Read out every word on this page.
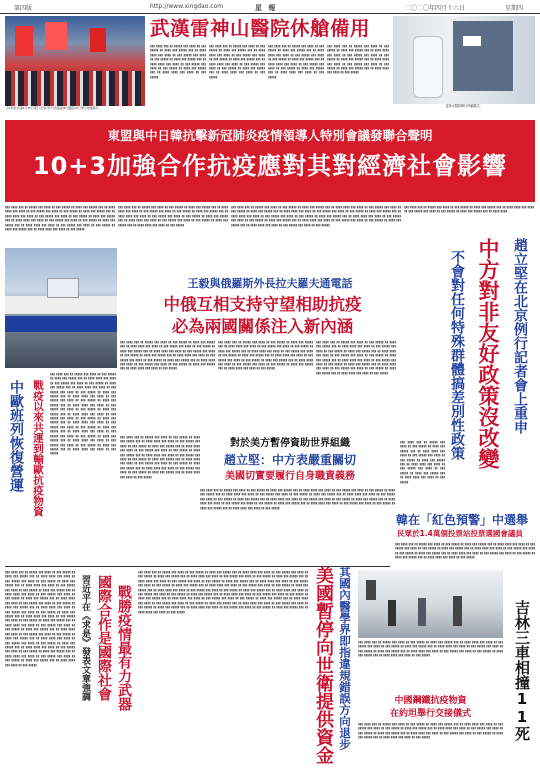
第四版	http://www.xingdao.com	星 報	二〇二〇年四月十六日	星期四
【中新社武漢4月15日電】(記者 馬芳)武漢雷神山醫院15日舉行休艙儀式...
武漢雷神山醫院休艙備用
▮▮▮ ▮▮▮▮ ▮▮▮ ▮▮ ▮▮▮▮▮ ▮▮▮ ▮▮▮▮ ▮▮ ▮▮▮ ▮▮▮▮▮ ▮▮ ▮▮▮▮ ▮▮▮ ▮▮▮▮▮ ▮▮▮ ▮▮ ▮▮▮▮ ▮▮▮▮ ▮▮▮ ▮▮▮▮ ▮▮ ▮▮▮ ▮▮▮▮▮ ▮▮▮ ▮▮▮▮ ▮▮ ▮▮▮ ▮▮▮▮▮ ▮▮ ▮▮▮▮ ▮▮▮ ▮▮▮▮▮ ▮▮▮ ▮▮ ▮▮▮▮ ▮▮▮▮ ▮▮▮ ▮▮▮▮ ▮▮ ▮▮▮ ▮▮▮▮▮ ▮▮▮ ▮▮▮▮ ▮▮ ▮▮▮ ▮▮▮▮▮ ▮▮ ▮▮▮▮ ▮▮▮ ▮▮▮▮▮ ▮▮▮ ▮▮ ▮▮▮▮ ▮▮▮▮ ▮▮▮ ▮▮▮▮ ▮▮ ▮▮▮ ▮▮▮▮▮
▮▮▮ ▮▮▮▮ ▮▮▮ ▮▮ ▮▮▮▮▮ ▮▮▮ ▮▮▮▮ ▮▮ ▮▮▮ ▮▮▮▮▮ ▮▮ ▮▮▮▮ ▮▮▮ ▮▮▮▮▮ ▮▮▮ ▮▮ ▮▮▮▮ ▮▮▮▮ ▮▮▮ ▮▮▮▮ ▮▮ ▮▮▮ ▮▮▮▮▮ ▮▮▮ ▮▮▮▮ ▮▮ ▮▮▮ ▮▮▮▮▮ ▮▮ ▮▮▮▮ ▮▮▮ ▮▮▮▮▮ ▮▮▮ ▮▮ ▮▮▮▮ ▮▮▮▮ ▮▮▮ ▮▮▮▮ ▮▮ ▮▮▮ ▮▮▮▮▮ ▮▮▮ ▮▮▮▮ ▮▮ ▮▮▮ ▮▮▮▮▮ ▮▮ ▮▮▮▮ ▮▮▮ ▮▮▮▮▮ ▮▮▮ ▮▮ ▮▮▮▮ ▮▮▮▮ ▮▮▮ ▮▮▮▮ ▮▮ ▮▮▮ ▮▮▮▮▮
▮▮▮ ▮▮▮▮ ▮▮▮ ▮▮ ▮▮▮▮▮ ▮▮▮ ▮▮▮▮ ▮▮ ▮▮▮ ▮▮▮▮▮ ▮▮ ▮▮▮▮ ▮▮▮ ▮▮▮▮▮ ▮▮▮ ▮▮ ▮▮▮▮ ▮▮▮▮ ▮▮▮ ▮▮▮▮ ▮▮ ▮▮▮ ▮▮▮▮▮ ▮▮▮ ▮▮▮▮ ▮▮ ▮▮▮ ▮▮▮▮▮ ▮▮ ▮▮▮▮ ▮▮▮ ▮▮▮▮▮ ▮▮▮ ▮▮ ▮▮▮▮ ▮▮▮▮ ▮▮▮ ▮▮▮▮ ▮▮ ▮▮▮ ▮▮▮▮▮ ▮▮▮ ▮▮▮▮ ▮▮ ▮▮▮ ▮▮▮▮▮ ▮▮ ▮▮▮▮ ▮▮▮ ▮▮▮▮▮ ▮▮▮ ▮▮ ▮▮▮▮ ▮▮▮▮ ▮▮▮ ▮▮▮▮ ▮▮ ▮▮▮ ▮▮▮▮▮
▮▮▮ ▮▮▮▮ ▮▮▮ ▮▮ ▮▮▮▮▮ ▮▮▮ ▮▮▮▮ ▮▮ ▮▮▮ ▮▮▮▮▮ ▮▮ ▮▮▮▮ ▮▮▮ ▮▮▮▮▮ ▮▮▮ ▮▮ ▮▮▮▮ ▮▮▮▮ ▮▮▮ ▮▮▮▮ ▮▮ ▮▮▮ ▮▮▮▮▮ ▮▮▮ ▮▮▮▮ ▮▮ ▮▮▮ ▮▮▮▮▮ ▮▮ ▮▮▮▮ ▮▮▮ ▮▮▮▮▮ ▮▮▮ ▮▮ ▮▮▮▮ ▮▮▮▮ ▮▮▮ ▮▮▮▮ ▮▮ ▮▮▮ ▮▮▮▮▮ ▮▮▮ ▮▮▮▮ ▮▮ ▮▮▮ ▮▮▮▮▮ ▮▮ ▮▮▮▮ ▮▮▮ ▮▮▮▮▮ ▮▮▮ ▮▮ ▮▮▮▮ ▮▮▮▮ ▮▮▮ ▮▮▮▮ ▮▮ ▮▮▮ ▮▮▮▮▮
雷神山醫院舉行休艙儀式。
東盟與中日韓抗擊新冠肺炎疫情領導人特別會議發聯合聲明
10+3加強合作抗疫應對其對經濟社會影響
▮▮▮ ▮▮▮▮ ▮▮▮ ▮▮ ▮▮▮▮▮ ▮▮▮ ▮▮▮▮ ▮▮ ▮▮▮ ▮▮▮▮▮ ▮▮ ▮▮▮▮ ▮▮▮ ▮▮▮▮▮ ▮▮▮ ▮▮ ▮▮▮▮ ▮▮▮▮ ▮▮▮ ▮▮▮▮ ▮▮ ▮▮▮ ▮▮▮▮▮ ▮▮▮ ▮▮▮▮ ▮▮ ▮▮▮ ▮▮▮▮▮ ▮▮ ▮▮▮▮ ▮▮▮ ▮▮▮▮▮ ▮▮▮ ▮▮ ▮▮▮▮ ▮▮▮▮ ▮▮▮ ▮▮▮▮ ▮▮ ▮▮▮ ▮▮▮▮▮ ▮▮▮ ▮▮▮▮ ▮▮ ▮▮▮ ▮▮▮▮▮ ▮▮ ▮▮▮▮ ▮▮▮ ▮▮▮▮▮ ▮▮▮ ▮▮ ▮▮▮▮ ▮▮▮▮ ▮▮▮ ▮▮▮▮ ▮▮ ▮▮▮ ▮▮▮▮▮ ▮▮▮ ▮▮▮▮ ▮▮ ▮▮▮ ▮▮▮▮▮ ▮▮ ▮▮▮▮ ▮▮▮ ▮▮▮▮▮ ▮▮▮ ▮▮ ▮▮▮▮ ▮▮▮▮ ▮▮▮ ▮▮▮▮ ▮▮ ▮▮▮ ▮▮▮▮▮ ▮▮▮ ▮▮▮▮ ▮▮ ▮▮▮ ▮▮▮▮▮ ▮▮ ▮▮▮▮ ▮▮▮ ▮▮▮▮▮ ▮▮▮ ▮▮ ▮▮▮▮ ▮▮▮▮ ▮▮▮ ▮▮▮▮ ▮▮ ▮▮▮ ▮▮▮▮▮
▮▮▮ ▮▮▮▮ ▮▮▮ ▮▮ ▮▮▮▮▮ ▮▮▮ ▮▮▮▮ ▮▮ ▮▮▮ ▮▮▮▮▮ ▮▮ ▮▮▮▮ ▮▮▮ ▮▮▮▮▮ ▮▮▮ ▮▮ ▮▮▮▮ ▮▮▮▮ ▮▮▮ ▮▮▮▮ ▮▮ ▮▮▮ ▮▮▮▮▮ ▮▮▮ ▮▮▮▮ ▮▮ ▮▮▮ ▮▮▮▮▮ ▮▮ ▮▮▮▮ ▮▮▮ ▮▮▮▮▮ ▮▮▮ ▮▮ ▮▮▮▮ ▮▮▮▮ ▮▮▮ ▮▮▮▮ ▮▮ ▮▮▮ ▮▮▮▮▮ ▮▮▮ ▮▮▮▮ ▮▮ ▮▮▮ ▮▮▮▮▮ ▮▮ ▮▮▮▮ ▮▮▮ ▮▮▮▮▮ ▮▮▮ ▮▮ ▮▮▮▮ ▮▮▮▮ ▮▮▮ ▮▮▮▮ ▮▮ ▮▮▮ ▮▮▮▮▮ ▮▮▮ ▮▮▮▮ ▮▮ ▮▮▮ ▮▮▮▮▮ ▮▮ ▮▮▮▮ ▮▮▮ ▮▮▮▮▮ ▮▮▮ ▮▮ ▮▮▮▮ ▮▮▮▮ ▮▮▮ ▮▮▮▮ ▮▮ ▮▮▮ ▮▮▮▮▮
▮▮▮ ▮▮▮▮ ▮▮▮ ▮▮ ▮▮▮▮▮ ▮▮▮ ▮▮▮▮ ▮▮ ▮▮▮ ▮▮▮▮▮ ▮▮ ▮▮▮▮ ▮▮▮ ▮▮▮▮▮ ▮▮▮ ▮▮ ▮▮▮▮ ▮▮▮▮ ▮▮▮ ▮▮▮▮ ▮▮ ▮▮▮ ▮▮▮▮▮ ▮▮▮ ▮▮▮▮ ▮▮ ▮▮▮ ▮▮▮▮▮ ▮▮ ▮▮▮▮ ▮▮▮ ▮▮▮▮▮ ▮▮▮ ▮▮ ▮▮▮▮ ▮▮▮▮ ▮▮▮ ▮▮▮▮ ▮▮ ▮▮▮ ▮▮▮▮▮ ▮▮▮ ▮▮▮▮ ▮▮ ▮▮▮ ▮▮▮▮▮ ▮▮ ▮▮▮▮ ▮▮▮ ▮▮▮▮▮ ▮▮▮ ▮▮ ▮▮▮▮ ▮▮▮▮ ▮▮▮ ▮▮▮▮ ▮▮ ▮▮▮ ▮▮▮▮▮ ▮▮▮ ▮▮▮▮ ▮▮ ▮▮▮ ▮▮▮▮▮ ▮▮ ▮▮▮▮ ▮▮▮ ▮▮▮▮▮ ▮▮▮ ▮▮ ▮▮▮▮ ▮▮▮▮ ▮▮▮ ▮▮▮▮ ▮▮ ▮▮▮ ▮▮▮▮▮ ▮▮▮ ▮▮▮▮ ▮▮ ▮▮▮ ▮▮▮▮▮ ▮▮ ▮▮▮▮ ▮▮▮ ▮▮▮▮▮ ▮▮▮ ▮▮ ▮▮▮▮ ▮▮▮▮ ▮▮▮ ▮▮▮▮ ▮▮ ▮▮▮ ▮▮▮▮▮ ▮▮▮ ▮▮▮▮ ▮▮ ▮▮▮ ▮▮▮▮▮ ▮▮ ▮▮▮▮ ▮▮▮ ▮▮▮▮▮ ▮▮▮ ▮▮ ▮▮▮▮ ▮▮▮▮ ▮▮▮ ▮▮▮▮ ▮▮ ▮▮▮ ▮▮▮▮▮ ▮▮▮ ▮▮▮▮ ▮▮ ▮▮▮ ▮▮▮▮▮
▮▮▮ ▮▮▮▮ ▮▮▮ ▮▮ ▮▮▮▮▮ ▮▮▮ ▮▮▮▮ ▮▮ ▮▮▮ ▮▮▮▮▮ ▮▮ ▮▮▮▮ ▮▮▮ ▮▮▮▮▮ ▮▮▮ ▮▮ ▮▮▮▮ ▮▮▮▮ ▮▮▮ ▮▮▮▮ ▮▮ ▮▮▮ ▮▮▮▮▮ ▮▮▮ ▮▮▮▮ ▮▮ ▮▮▮ ▮▮▮▮▮ ▮▮ ▮▮▮▮ ▮▮▮ ▮▮▮▮▮ ▮▮▮ ▮▮ ▮▮▮▮ ▮▮▮▮
王毅與俄羅斯外長拉夫羅夫通電話
中俄互相支持守望相助抗疫
必為兩國關係注入新內涵	趙立堅在北京例行記者會上重申
中方對非友好政策沒改變
不會對任何特殊群體搞差別性政策
韓在「紅色預警」中選舉
民眾於1.4萬個投票站投票選國會議員
▮▮▮ ▮▮▮▮ ▮▮▮ ▮▮ ▮▮▮▮▮ ▮▮▮ ▮▮▮▮ ▮▮ ▮▮▮ ▮▮▮▮▮ ▮▮ ▮▮▮▮ ▮▮▮ ▮▮▮▮▮ ▮▮▮ ▮▮ ▮▮▮▮ ▮▮▮▮ ▮▮▮ ▮▮▮▮ ▮▮ ▮▮▮ ▮▮▮▮▮ ▮▮▮ ▮▮▮▮ ▮▮ ▮▮▮ ▮▮▮▮▮ ▮▮ ▮▮▮▮ ▮▮▮ ▮▮▮▮▮ ▮▮▮ ▮▮ ▮▮▮▮ ▮▮▮▮ ▮▮▮ ▮▮▮▮ ▮▮ ▮▮▮ ▮▮▮▮▮ ▮▮▮ ▮▮▮▮ ▮▮ ▮▮▮ ▮▮▮▮▮ ▮▮ ▮▮▮▮ ▮▮▮ ▮▮▮▮▮ ▮▮▮ ▮▮ ▮▮▮▮ ▮▮▮▮ ▮▮▮ ▮▮▮▮ ▮▮ ▮▮▮ ▮▮▮▮▮ ▮▮▮ ▮▮▮▮ ▮▮ ▮▮▮ ▮▮▮▮▮ ▮▮ ▮▮▮▮ ▮▮▮ ▮▮▮▮▮ ▮▮▮ ▮▮ ▮▮▮▮ ▮▮▮▮ ▮▮▮ ▮▮▮▮ ▮▮ ▮▮▮ ▮▮▮▮▮ ▮▮▮ ▮▮▮▮ ▮▮ ▮▮▮ ▮▮▮▮▮ ▮▮ ▮▮▮▮ ▮▮▮ ▮▮▮▮▮ ▮▮▮ ▮▮ ▮▮▮▮ ▮▮▮▮ ▮▮▮ ▮▮▮▮ ▮▮ ▮▮▮ ▮▮▮▮▮
▮▮▮ ▮▮▮▮ ▮▮▮ ▮▮ ▮▮▮▮▮ ▮▮▮ ▮▮▮▮ ▮▮ ▮▮▮ ▮▮▮▮▮ ▮▮ ▮▮▮▮ ▮▮▮ ▮▮▮▮▮ ▮▮▮ ▮▮ ▮▮▮▮ ▮▮▮▮ ▮▮▮ ▮▮▮▮ ▮▮ ▮▮▮ ▮▮▮▮▮ ▮▮▮ ▮▮▮▮ ▮▮ ▮▮▮ ▮▮▮▮▮ ▮▮ ▮▮▮▮ ▮▮▮ ▮▮▮▮▮ ▮▮▮ ▮▮ ▮▮▮▮ ▮▮▮▮ ▮▮▮ ▮▮▮▮ ▮▮ ▮▮▮ ▮▮▮▮▮ ▮▮▮ ▮▮▮▮ ▮▮ ▮▮▮ ▮▮▮▮▮ ▮▮ ▮▮▮▮ ▮▮▮ ▮▮▮▮▮ ▮▮▮ ▮▮ ▮▮▮▮ ▮▮▮▮ ▮▮▮ ▮▮▮▮ ▮▮ ▮▮▮ ▮▮▮▮▮ ▮▮▮ ▮▮▮▮ ▮▮ ▮▮▮ ▮▮▮▮▮ ▮▮ ▮▮▮▮ ▮▮▮ ▮▮▮▮▮ ▮▮▮ ▮▮ ▮▮▮▮ ▮▮▮▮ ▮▮▮ ▮▮▮▮ ▮▮ ▮▮▮ ▮▮▮▮▮ ▮▮▮ ▮▮▮▮ ▮▮ ▮▮▮ ▮▮▮▮▮ ▮▮ ▮▮▮▮ ▮▮▮ ▮▮▮▮▮ ▮▮▮ ▮▮ ▮▮▮▮ ▮▮▮▮ ▮▮▮ ▮▮▮▮ ▮▮ ▮▮▮ ▮▮▮▮▮
▮▮▮ ▮▮▮▮ ▮▮▮ ▮▮ ▮▮▮▮▮ ▮▮▮ ▮▮▮▮ ▮▮ ▮▮▮ ▮▮▮▮▮ ▮▮ ▮▮▮▮ ▮▮▮ ▮▮▮▮▮ ▮▮▮ ▮▮ ▮▮▮▮ ▮▮▮▮ ▮▮▮ ▮▮▮▮ ▮▮ ▮▮▮ ▮▮▮▮▮ ▮▮▮ ▮▮▮▮ ▮▮ ▮▮▮ ▮▮▮▮▮ ▮▮ ▮▮▮▮ ▮▮▮ ▮▮▮▮▮ ▮▮▮ ▮▮ ▮▮▮▮ ▮▮▮▮ ▮▮▮ ▮▮▮▮ ▮▮ ▮▮▮ ▮▮▮▮▮ ▮▮▮ ▮▮▮▮ ▮▮ ▮▮▮ ▮▮▮▮▮ ▮▮ ▮▮▮▮ ▮▮▮ ▮▮▮▮▮ ▮▮▮ ▮▮ ▮▮▮▮ ▮▮▮▮ ▮▮▮ ▮▮▮▮ ▮▮ ▮▮▮ ▮▮▮▮▮ ▮▮▮ ▮▮▮▮ ▮▮ ▮▮▮ ▮▮▮▮▮ ▮▮ ▮▮▮▮ ▮▮▮ ▮▮▮▮▮ ▮▮▮ ▮▮ ▮▮▮▮ ▮▮▮▮ ▮▮▮ ▮▮▮▮ ▮▮ ▮▮▮ ▮▮▮▮▮ ▮▮▮ ▮▮▮▮ ▮▮ ▮▮▮ ▮▮▮▮▮ ▮▮ ▮▮▮▮ ▮▮▮ ▮▮▮▮▮ ▮▮▮ ▮▮ ▮▮▮▮ ▮▮▮▮ ▮▮▮ ▮▮▮▮ ▮▮ ▮▮▮ ▮▮▮▮▮
中歐班列恢復營運 戰疫以來共運到輸歐抗疫物資
▮▮▮ ▮▮▮▮ ▮▮▮ ▮▮ ▮▮▮▮▮ ▮▮▮ ▮▮▮▮ ▮▮ ▮▮▮ ▮▮▮▮▮ ▮▮ ▮▮▮▮ ▮▮▮ ▮▮▮▮▮ ▮▮▮ ▮▮ ▮▮▮▮ ▮▮▮▮ ▮▮▮ ▮▮▮▮ ▮▮ ▮▮▮ ▮▮▮▮▮ ▮▮▮ ▮▮▮▮ ▮▮ ▮▮▮ ▮▮▮▮▮ ▮▮ ▮▮▮▮ ▮▮▮ ▮▮▮▮▮ ▮▮▮ ▮▮ ▮▮▮▮ ▮▮▮▮ ▮▮▮ ▮▮▮▮ ▮▮ ▮▮▮ ▮▮▮▮▮ ▮▮▮ ▮▮▮▮ ▮▮ ▮▮▮ ▮▮▮▮▮ ▮▮ ▮▮▮▮ ▮▮▮ ▮▮▮▮▮ ▮▮▮ ▮▮ ▮▮▮▮ ▮▮▮▮ ▮▮▮ ▮▮▮▮ ▮▮ ▮▮▮ ▮▮▮▮▮ ▮▮▮ ▮▮▮▮ ▮▮ ▮▮▮ ▮▮▮▮▮ ▮▮ ▮▮▮▮ ▮▮▮ ▮▮▮▮▮ ▮▮▮ ▮▮ ▮▮▮▮ ▮▮▮▮ ▮▮▮ ▮▮▮▮ ▮▮ ▮▮▮ ▮▮▮▮▮ ▮▮▮ ▮▮▮▮ ▮▮ ▮▮▮ ▮▮▮▮▮ ▮▮ ▮▮▮▮ ▮▮▮ ▮▮▮▮▮ ▮▮▮ ▮▮ ▮▮▮▮ ▮▮▮▮ ▮▮▮ ▮▮▮▮ ▮▮ ▮▮▮ ▮▮▮▮▮ ▮▮▮ ▮▮▮▮ ▮▮ ▮▮▮ ▮▮▮▮▮ ▮▮ ▮▮▮▮ ▮▮▮ ▮▮▮▮▮ ▮▮▮ ▮▮ ▮▮▮▮ ▮▮▮▮ ▮▮▮ ▮▮▮▮ ▮▮ ▮▮▮ ▮▮▮▮▮ ▮▮▮ ▮▮▮▮ ▮▮ ▮▮▮ ▮▮▮▮▮ ▮▮ ▮▮▮▮ ▮▮▮ ▮▮▮▮▮ ▮▮▮ ▮▮ ▮▮▮▮ ▮▮▮▮ ▮▮▮ ▮▮▮▮ ▮▮ ▮▮▮ ▮▮▮▮▮ ▮▮▮ ▮▮▮▮ ▮▮ ▮▮▮ ▮▮▮▮▮ ▮▮ ▮▮▮▮ ▮▮▮ ▮▮▮▮▮ ▮▮▮ ▮▮ ▮▮▮▮ ▮▮▮▮ ▮▮▮ ▮▮▮▮ ▮▮ ▮▮▮ ▮▮▮▮▮ ▮▮▮ ▮▮▮▮ ▮▮ ▮▮▮ ▮▮▮▮▮ ▮▮ ▮▮▮▮ ▮▮▮ ▮▮▮▮▮ ▮▮▮ ▮▮ ▮▮▮▮ ▮▮▮▮ ▮▮▮ ▮▮▮▮ ▮▮ ▮▮▮ ▮▮▮▮▮
對於美方暫停資助世界組織
趙立堅：中方表嚴重關切
美國切實要履行自身職責義務
▮▮▮ ▮▮▮▮ ▮▮▮ ▮▮ ▮▮▮▮▮ ▮▮▮ ▮▮▮▮ ▮▮ ▮▮▮ ▮▮▮▮▮ ▮▮ ▮▮▮▮ ▮▮▮ ▮▮▮▮▮ ▮▮▮ ▮▮ ▮▮▮▮ ▮▮▮▮ ▮▮▮ ▮▮▮▮ ▮▮ ▮▮▮ ▮▮▮▮▮ ▮▮▮ ▮▮▮▮ ▮▮ ▮▮▮ ▮▮▮▮▮ ▮▮ ▮▮▮▮ ▮▮▮ ▮▮▮▮▮ ▮▮▮ ▮▮ ▮▮▮▮ ▮▮▮▮ ▮▮▮ ▮▮▮▮ ▮▮ ▮▮▮ ▮▮▮▮▮ ▮▮▮ ▮▮▮▮ ▮▮ ▮▮▮ ▮▮▮▮▮ ▮▮ ▮▮▮▮ ▮▮▮ ▮▮▮▮▮ ▮▮▮ ▮▮ ▮▮▮▮ ▮▮▮▮ ▮▮▮ ▮▮▮▮ ▮▮ ▮▮▮ ▮▮▮▮▮ ▮▮▮ ▮▮▮▮ ▮▮ ▮▮▮ ▮▮▮▮▮ ▮▮ ▮▮▮▮ ▮▮▮ ▮▮▮▮▮ ▮▮▮ ▮▮ ▮▮▮▮ ▮▮▮▮ ▮▮▮ ▮▮▮▮ ▮▮ ▮▮▮ ▮▮▮▮▮ ▮▮▮ ▮▮▮▮ ▮▮ ▮▮▮ ▮▮▮▮▮ ▮▮ ▮▮▮▮ ▮▮▮ ▮▮▮▮▮ ▮▮▮ ▮▮ ▮▮▮▮ ▮▮▮▮ ▮▮▮ ▮▮▮▮ ▮▮ ▮▮▮ ▮▮▮▮▮ ▮▮▮ ▮▮▮▮ ▮▮ ▮▮▮ ▮▮▮▮▮ ▮▮ ▮▮▮▮ ▮▮▮ ▮▮▮▮▮ ▮▮▮ ▮▮ ▮▮▮▮ ▮▮▮▮ ▮▮▮ ▮▮▮▮ ▮▮ ▮▮▮ ▮▮▮▮▮
▮▮▮ ▮▮▮▮ ▮▮▮ ▮▮ ▮▮▮▮▮ ▮▮▮ ▮▮▮▮ ▮▮ ▮▮▮ ▮▮▮▮▮ ▮▮ ▮▮▮▮ ▮▮▮ ▮▮▮▮▮ ▮▮▮ ▮▮ ▮▮▮▮ ▮▮▮▮ ▮▮▮ ▮▮▮▮ ▮▮ ▮▮▮ ▮▮▮▮▮ ▮▮▮ ▮▮▮▮ ▮▮ ▮▮▮ ▮▮▮▮▮ ▮▮ ▮▮▮▮ ▮▮▮ ▮▮▮▮▮ ▮▮▮ ▮▮ ▮▮▮▮ ▮▮▮▮ ▮▮▮ ▮▮▮▮ ▮▮ ▮▮▮ ▮▮▮▮▮ ▮▮▮ ▮▮▮▮ ▮▮ ▮▮▮ ▮▮▮▮▮ ▮▮ ▮▮▮▮ ▮▮▮ ▮▮▮▮▮ ▮▮▮ ▮▮ ▮▮▮▮ ▮▮▮▮ ▮▮▮ ▮▮▮▮ ▮▮ ▮▮▮ ▮▮▮▮▮ ▮▮▮ ▮▮▮▮ ▮▮ ▮▮▮ ▮▮▮▮▮ ▮▮ ▮▮▮▮ ▮▮▮ ▮▮▮▮▮ ▮▮▮ ▮▮ ▮▮▮▮ ▮▮▮▮ ▮▮▮ ▮▮▮▮ ▮▮ ▮▮▮ ▮▮▮▮▮ ▮▮▮ ▮▮▮▮ ▮▮ ▮▮▮ ▮▮▮▮▮ ▮▮ ▮▮▮▮ ▮▮▮ ▮▮▮▮▮ ▮▮▮ ▮▮ ▮▮▮▮ ▮▮▮▮ ▮▮▮ ▮▮▮▮ ▮▮ ▮▮▮ ▮▮▮▮▮ ▮▮▮ ▮▮▮▮ ▮▮ ▮▮▮ ▮▮▮▮▮ ▮▮ ▮▮▮▮ ▮▮▮ ▮▮▮▮▮ ▮▮▮ ▮▮ ▮▮▮▮ ▮▮▮▮ ▮▮▮ ▮▮▮▮ ▮▮ ▮▮▮ ▮▮▮▮▮ ▮▮▮ ▮▮▮▮ ▮▮ ▮▮▮ ▮▮▮▮▮ ▮▮ ▮▮▮▮ ▮▮▮ ▮▮▮▮▮ ▮▮▮ ▮▮ ▮▮▮▮ ▮▮▮▮ ▮▮▮ ▮▮▮▮ ▮▮ ▮▮▮ ▮▮▮▮▮
▮▮▮ ▮▮▮▮ ▮▮▮ ▮▮ ▮▮▮▮▮ ▮▮▮ ▮▮▮▮ ▮▮ ▮▮▮ ▮▮▮▮▮ ▮▮ ▮▮▮▮ ▮▮▮ ▮▮▮▮▮ ▮▮▮ ▮▮ ▮▮▮▮ ▮▮▮▮ ▮▮▮ ▮▮▮▮ ▮▮ ▮▮▮ ▮▮▮▮▮ ▮▮▮ ▮▮▮▮ ▮▮ ▮▮▮ ▮▮▮▮▮ ▮▮ ▮▮▮▮ ▮▮▮ ▮▮▮▮▮ ▮▮▮ ▮▮ ▮▮▮▮ ▮▮▮▮ ▮▮▮ ▮▮▮▮ ▮▮ ▮▮▮ ▮▮▮▮▮ ▮▮▮ ▮▮▮▮ ▮▮ ▮▮▮ ▮▮▮▮▮ ▮▮ ▮▮▮▮ ▮▮▮ ▮▮▮▮▮ ▮▮▮ ▮▮ ▮▮▮▮ ▮▮▮▮ ▮▮▮ ▮▮▮▮ ▮▮ ▮▮▮ ▮▮▮▮▮
▮▮▮ ▮▮▮▮ ▮▮▮ ▮▮ ▮▮▮▮▮ ▮▮▮ ▮▮▮▮ ▮▮ ▮▮▮ ▮▮▮▮▮ ▮▮ ▮▮▮▮ ▮▮▮ ▮▮▮▮▮ ▮▮▮ ▮▮ ▮▮▮▮ ▮▮▮▮ ▮▮▮ ▮▮▮▮ ▮▮ ▮▮▮ ▮▮▮▮▮ ▮▮▮ ▮▮▮▮ ▮▮ ▮▮▮ ▮▮▮▮▮ ▮▮ ▮▮▮▮ ▮▮▮ ▮▮▮▮▮ ▮▮▮ ▮▮ ▮▮▮▮ ▮▮▮▮ ▮▮▮ ▮▮▮▮ ▮▮ ▮▮▮ ▮▮▮▮▮ ▮▮▮ ▮▮▮▮ ▮▮ ▮▮▮ ▮▮▮▮▮ ▮▮ ▮▮▮▮ ▮▮▮ ▮▮▮▮▮ ▮▮▮ ▮▮ ▮▮▮▮ ▮▮▮▮ ▮▮▮ ▮▮▮▮ ▮▮ ▮▮▮ ▮▮▮▮▮ ▮▮▮ ▮▮▮▮ ▮▮ ▮▮▮ ▮▮▮▮▮ ▮▮ ▮▮▮▮ ▮▮▮ ▮▮▮▮▮ ▮▮▮ ▮▮ ▮▮▮▮ ▮▮▮▮ ▮▮▮ ▮▮▮▮ ▮▮ ▮▮▮ ▮▮▮▮▮
▮▮▮ ▮▮▮▮ ▮▮▮ ▮▮ ▮▮▮▮▮ ▮▮▮ ▮▮▮▮ ▮▮ ▮▮▮ ▮▮▮▮▮ ▮▮ ▮▮▮▮ ▮▮▮ ▮▮▮▮▮ ▮▮▮ ▮▮ ▮▮▮▮ ▮▮▮▮ ▮▮▮ ▮▮▮▮ ▮▮ ▮▮▮ ▮▮▮▮▮ ▮▮▮ ▮▮▮▮ ▮▮ ▮▮▮ ▮▮▮▮▮ ▮▮ ▮▮▮▮ ▮▮▮ ▮▮▮▮▮ ▮▮▮ ▮▮ ▮▮▮▮ ▮▮▮▮ ▮▮▮ ▮▮▮▮ ▮▮ ▮▮▮ ▮▮▮▮▮ ▮▮▮ ▮▮▮▮ ▮▮ ▮▮▮ ▮▮▮▮▮ ▮▮ ▮▮▮▮ ▮▮▮ ▮▮▮▮▮ ▮▮▮ ▮▮ ▮▮▮▮ ▮▮▮▮ ▮▮▮ ▮▮▮▮ ▮▮ ▮▮▮ ▮▮▮▮▮ ▮▮▮ ▮▮▮▮ ▮▮ ▮▮▮ ▮▮▮▮▮ ▮▮ ▮▮▮▮ ▮▮▮ ▮▮▮▮▮ ▮▮▮ ▮▮ ▮▮▮▮ ▮▮▮▮ ▮▮▮ ▮▮▮▮ ▮▮ ▮▮▮ ▮▮▮▮▮ ▮▮▮ ▮▮▮▮ ▮▮ ▮▮▮ ▮▮▮▮▮ ▮▮ ▮▮▮▮ ▮▮▮ ▮▮▮▮▮ ▮▮▮ ▮▮ ▮▮▮▮ ▮▮▮▮ ▮▮▮ ▮▮▮▮ ▮▮ ▮▮▮ ▮▮▮▮▮ ▮▮▮ ▮▮▮▮ ▮▮ ▮▮▮ ▮▮▮▮▮ ▮▮ ▮▮▮▮ ▮▮▮ ▮▮▮▮▮ ▮▮▮ ▮▮ ▮▮▮▮ ▮▮▮▮ ▮▮▮ ▮▮▮▮ ▮▮ ▮▮▮ ▮▮▮▮▮ ▮▮▮ ▮▮▮▮ ▮▮ ▮▮▮ ▮▮▮▮▮ ▮▮ ▮▮▮▮ ▮▮▮ ▮▮▮▮▮ ▮▮▮ ▮▮ ▮▮▮▮ ▮▮▮▮ ▮▮▮ ▮▮▮▮ ▮▮ ▮▮▮ ▮▮▮▮▮ ▮▮▮ ▮▮▮▮ ▮▮ ▮▮▮ ▮▮▮▮▮ ▮▮ ▮▮▮▮ ▮▮▮ ▮▮▮▮▮ ▮▮▮ ▮▮ ▮▮▮▮ ▮▮▮▮ ▮▮▮ ▮▮▮▮ ▮▮ ▮▮▮ ▮▮▮▮▮ ▮▮▮ ▮▮▮▮ ▮▮ ▮▮▮ ▮▮▮▮▮ ▮▮ ▮▮▮▮ ▮▮▮ ▮▮▮▮▮ ▮▮▮ ▮▮ ▮▮▮▮ ▮▮▮▮ ▮▮▮ ▮▮▮▮ ▮▮ ▮▮▮ ▮▮▮▮▮ ▮▮▮ ▮▮▮▮ ▮▮ ▮▮▮ ▮▮▮▮▮ ▮▮ ▮▮▮▮ ▮▮▮ ▮▮▮▮▮ ▮▮▮ ▮▮ ▮▮▮▮ ▮▮▮▮ ▮▮▮ ▮▮▮▮ ▮▮ ▮▮▮ ▮▮▮▮▮ ▮▮▮ ▮▮▮▮ ▮▮ ▮▮▮ ▮▮▮▮▮ ▮▮ ▮▮▮▮ ▮▮▮ ▮▮▮▮▮ ▮▮▮ ▮▮ ▮▮▮▮ ▮▮▮▮ ▮▮▮ ▮▮▮▮ ▮▮ ▮▮▮ ▮▮▮▮▮ ▮▮▮ ▮▮▮▮ ▮▮ ▮▮▮ ▮▮▮▮▮ ▮▮ ▮▮▮▮ ▮▮▮ ▮▮▮▮▮ ▮▮▮ ▮▮ ▮▮▮▮ ▮▮▮▮ ▮▮▮ ▮▮▮▮ ▮▮ ▮▮▮ ▮▮▮▮▮	習近平在《求是》發表文章強調 國際合作是國際社會 戰勝疫情最有力武器
▮▮▮ ▮▮▮▮ ▮▮▮ ▮▮ ▮▮▮▮▮ ▮▮▮ ▮▮▮▮ ▮▮ ▮▮▮ ▮▮▮▮▮ ▮▮ ▮▮▮▮ ▮▮▮ ▮▮▮▮▮ ▮▮▮ ▮▮ ▮▮▮▮ ▮▮▮▮ ▮▮▮ ▮▮▮▮ ▮▮ ▮▮▮ ▮▮▮▮▮ ▮▮▮ ▮▮▮▮ ▮▮ ▮▮▮ ▮▮▮▮▮ ▮▮ ▮▮▮▮ ▮▮▮ ▮▮▮▮▮ ▮▮▮ ▮▮ ▮▮▮▮ ▮▮▮▮ ▮▮▮ ▮▮▮▮ ▮▮ ▮▮▮ ▮▮▮▮▮ ▮▮▮ ▮▮▮▮ ▮▮ ▮▮▮ ▮▮▮▮▮ ▮▮ ▮▮▮▮ ▮▮▮ ▮▮▮▮▮ ▮▮▮ ▮▮ ▮▮▮▮ ▮▮▮▮ ▮▮▮ ▮▮▮▮ ▮▮ ▮▮▮ ▮▮▮▮▮ ▮▮▮ ▮▮▮▮ ▮▮ ▮▮▮ ▮▮▮▮▮ ▮▮ ▮▮▮▮ ▮▮▮ ▮▮▮▮▮ ▮▮▮ ▮▮ ▮▮▮▮ ▮▮▮▮ ▮▮▮ ▮▮▮▮ ▮▮ ▮▮▮ ▮▮▮▮▮ ▮▮▮ ▮▮▮▮ ▮▮ ▮▮▮ ▮▮▮▮▮ ▮▮ ▮▮▮▮ ▮▮▮ ▮▮▮▮▮ ▮▮▮ ▮▮ ▮▮▮▮ ▮▮▮▮ ▮▮▮ ▮▮▮▮ ▮▮ ▮▮▮ ▮▮▮▮▮ ▮▮▮ ▮▮▮▮ ▮▮ ▮▮▮ ▮▮▮▮▮ ▮▮ ▮▮▮▮ ▮▮▮ ▮▮▮▮▮ ▮▮▮ ▮▮ ▮▮▮▮ ▮▮▮▮ ▮▮▮ ▮▮▮▮ ▮▮ ▮▮▮ ▮▮▮▮▮ ▮▮▮ ▮▮▮▮ ▮▮ ▮▮▮ ▮▮▮▮▮ ▮▮ ▮▮▮▮ ▮▮▮ ▮▮▮▮▮ ▮▮▮ ▮▮ ▮▮▮▮ ▮▮▮▮ ▮▮▮ ▮▮▮▮ ▮▮ ▮▮▮ ▮▮▮▮▮ ▮▮▮ ▮▮▮▮ ▮▮ ▮▮▮ ▮▮▮▮▮ ▮▮ ▮▮▮▮ ▮▮▮ ▮▮▮▮▮ ▮▮▮ ▮▮ ▮▮▮▮ ▮▮▮▮ ▮▮▮ ▮▮▮▮ ▮▮ ▮▮▮ ▮▮▮▮▮ ▮▮▮ ▮▮▮▮ ▮▮ ▮▮▮ ▮▮▮▮▮ ▮▮ ▮▮▮▮ ▮▮▮ ▮▮▮▮▮ ▮▮▮ ▮▮ ▮▮▮▮ ▮▮▮▮ ▮▮▮ ▮▮▮▮ ▮▮ ▮▮▮ ▮▮▮▮▮ ▮▮▮ ▮▮▮▮ ▮▮ ▮▮▮ ▮▮▮▮▮ ▮▮ ▮▮▮▮ ▮▮▮ ▮▮▮▮▮ ▮▮▮ ▮▮ ▮▮▮▮ ▮▮▮▮ ▮▮▮ ▮▮▮▮ ▮▮ ▮▮▮ ▮▮▮▮▮ ▮▮▮ ▮▮▮▮ ▮▮ ▮▮▮ ▮▮▮▮▮ ▮▮ ▮▮▮▮ ▮▮▮ ▮▮▮▮▮ ▮▮▮ ▮▮ ▮▮▮▮ ▮▮▮▮ ▮▮▮ ▮▮▮▮ ▮▮ ▮▮▮ ▮▮▮▮▮ ▮▮▮ ▮▮▮▮ ▮▮ ▮▮▮ ▮▮▮▮▮ ▮▮ ▮▮▮▮ ▮▮▮ ▮▮▮▮▮ ▮▮▮ ▮▮ ▮▮▮▮ ▮▮▮▮ ▮▮▮ ▮▮▮▮ ▮▮ ▮▮▮ ▮▮▮▮▮ ▮▮▮ ▮▮▮▮ ▮▮ ▮▮▮ ▮▮▮▮▮ ▮▮ ▮▮▮▮ ▮▮▮ ▮▮▮▮▮ ▮▮▮ ▮▮ ▮▮▮▮ ▮▮▮▮ ▮▮▮ ▮▮▮▮ ▮▮ ▮▮▮ ▮▮▮▮▮	美國暫停向世衛提供資金 其國內醫學界即指違規錯誤方向退步	▮▮▮ ▮▮▮▮ ▮▮▮ ▮▮ ▮▮▮▮▮ ▮▮▮ ▮▮▮▮ ▮▮ ▮▮▮ ▮▮▮▮▮ ▮▮ ▮▮▮▮ ▮▮▮ ▮▮▮▮▮ ▮▮▮ ▮▮ ▮▮▮▮ ▮▮▮▮ ▮▮▮ ▮▮▮▮ ▮▮ ▮▮▮ ▮▮▮▮▮ ▮▮▮ ▮▮▮▮ ▮▮ ▮▮▮ ▮▮▮▮▮ ▮▮ ▮▮▮▮ ▮▮▮ ▮▮▮▮▮ ▮▮▮ ▮▮ ▮▮▮▮ ▮▮▮▮ ▮▮▮ ▮▮▮▮ ▮▮ ▮▮▮ ▮▮▮▮▮ ▮▮▮ ▮▮▮▮ ▮▮ ▮▮▮ ▮▮▮▮▮ ▮▮ ▮▮▮▮ ▮▮▮ ▮▮▮▮▮ ▮▮▮ ▮▮ ▮▮▮▮ ▮▮▮▮ ▮▮▮ ▮▮▮▮ ▮▮ ▮▮▮ ▮▮▮▮▮ ▮▮▮ ▮▮▮▮ ▮▮ ▮▮▮ ▮▮▮▮▮ ▮▮ ▮▮▮▮ ▮▮▮ ▮▮▮▮▮ ▮▮▮ ▮▮ ▮▮▮▮ ▮▮▮▮ ▮▮▮ ▮▮▮▮ ▮▮ ▮▮▮ ▮▮▮▮▮
中國鋼鐵抗疫物資
在約坦舉行交接儀式
▮▮▮ ▮▮▮▮ ▮▮▮ ▮▮ ▮▮▮▮▮ ▮▮▮ ▮▮▮▮ ▮▮ ▮▮▮ ▮▮▮▮▮ ▮▮ ▮▮▮▮ ▮▮▮ ▮▮▮▮▮ ▮▮▮ ▮▮ ▮▮▮▮ ▮▮▮▮ ▮▮▮ ▮▮▮▮ ▮▮ ▮▮▮ ▮▮▮▮▮ ▮▮▮ ▮▮▮▮ ▮▮ ▮▮▮ ▮▮▮▮▮ ▮▮ ▮▮▮▮ ▮▮▮ ▮▮▮▮▮ ▮▮▮ ▮▮ ▮▮▮▮ ▮▮▮▮ ▮▮▮ ▮▮▮▮ ▮▮ ▮▮▮ ▮▮▮▮▮ ▮▮▮ ▮▮▮▮ ▮▮ ▮▮▮ ▮▮▮▮▮ ▮▮ ▮▮▮▮ ▮▮▮ ▮▮▮▮▮ ▮▮▮ ▮▮ ▮▮▮▮ ▮▮▮▮ ▮▮▮ ▮▮▮▮ ▮▮ ▮▮▮ ▮▮▮▮▮ ▮▮▮ ▮▮▮▮ ▮▮ ▮▮▮ ▮▮▮▮▮ ▮▮ ▮▮▮▮ ▮▮▮ ▮▮▮▮▮ ▮▮▮ ▮▮ ▮▮▮▮ ▮▮▮▮ ▮▮▮ ▮▮▮▮ ▮▮ ▮▮▮ ▮▮▮▮▮	吉林三車相撞11死
